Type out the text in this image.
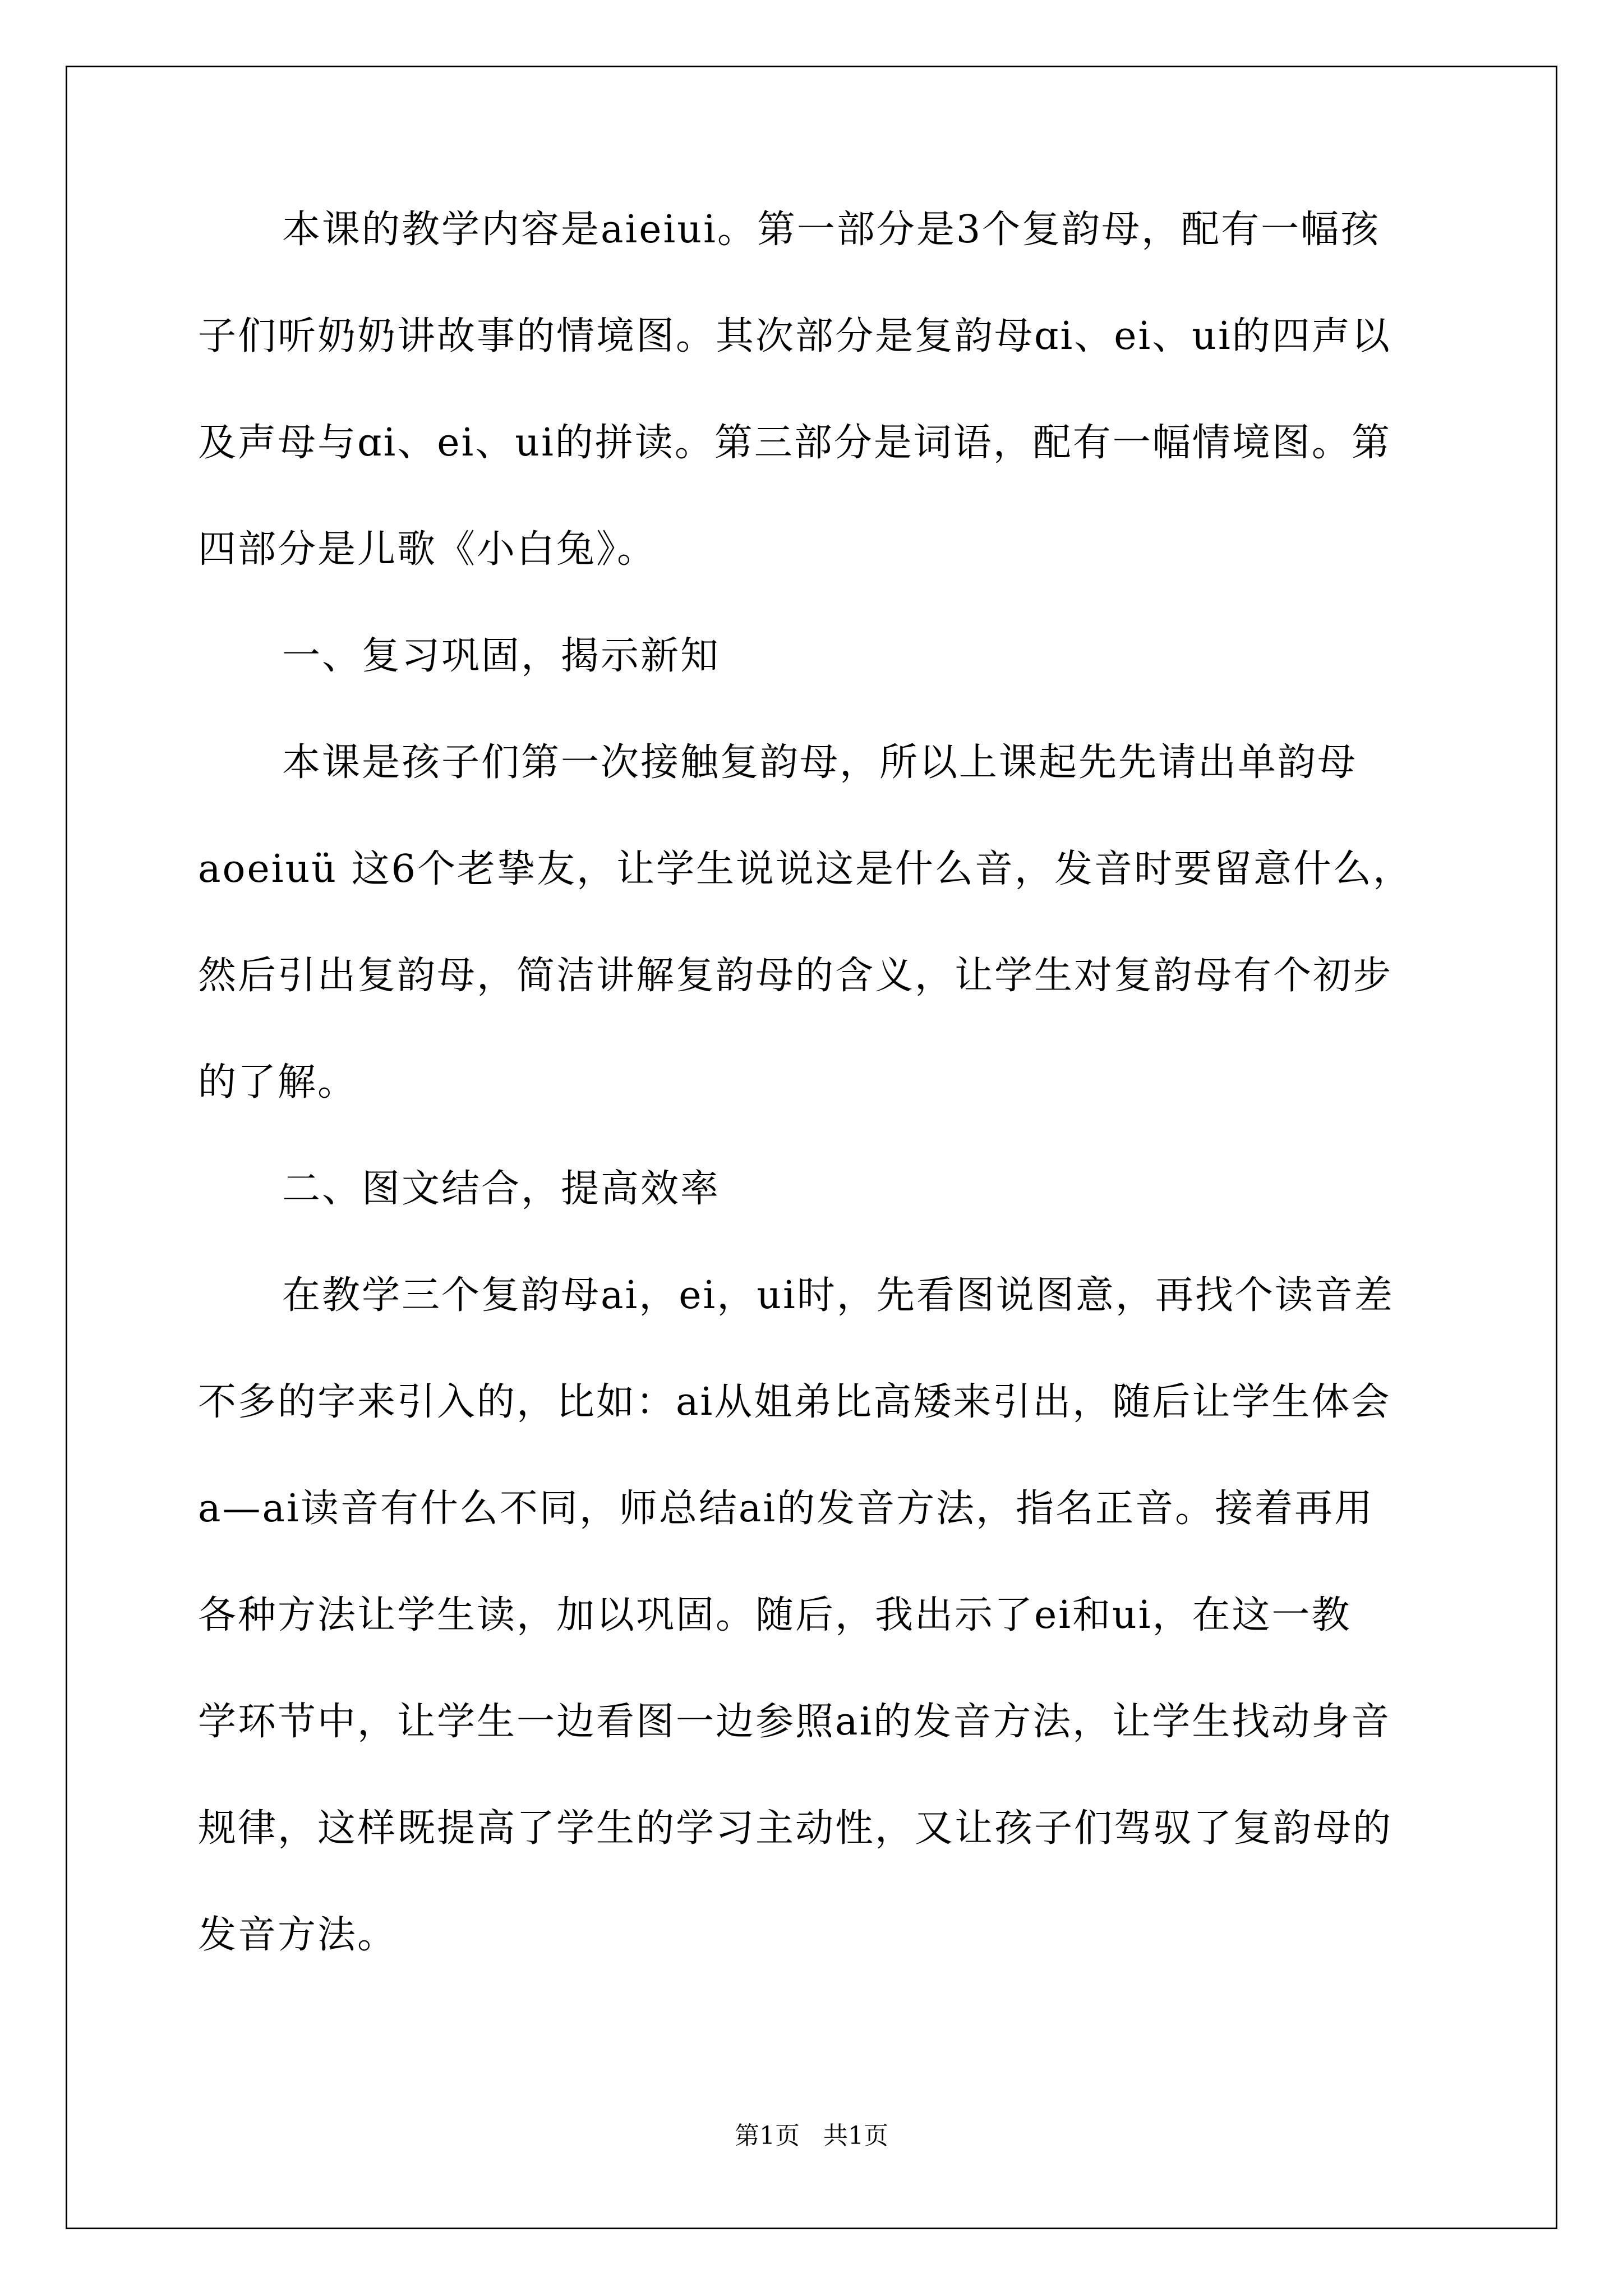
本课的教学内容是aieiui。第一部分是3个复韵母，配有一幅孩
子们听奶奶讲故事的情境图。其次部分是复韵母ɑi、ei、ui的四声以
及声母与ɑi、ei、ui的拼读。第三部分是词语，配有一幅情境图。第
四部分是儿歌《小白兔》。
一、复习巩固，揭示新知
本课是孩子们第一次接触复韵母，所以上课起先先请出单韵母
aoeiuü 这6个老挚友，让学生说说这是什么音，发音时要留意什么，
然后引出复韵母，简洁讲解复韵母的含义，让学生对复韵母有个初步
的了解。
二、图文结合，提高效率
在教学三个复韵母ai，ei，ui时，先看图说图意，再找个读音差
不多的字来引入的，比如：ai从姐弟比高矮来引出，随后让学生体会
a—ai读音有什么不同，师总结ai的发音方法，指名正音。接着再用
各种方法让学生读，加以巩固。随后，我出示了ei和ui，在这一教
学环节中，让学生一边看图一边参照ai的发音方法，让学生找动身音
规律，这样既提高了学生的学习主动性，又让孩子们驾驭了复韵母的
发音方法。
第1页   共1页
